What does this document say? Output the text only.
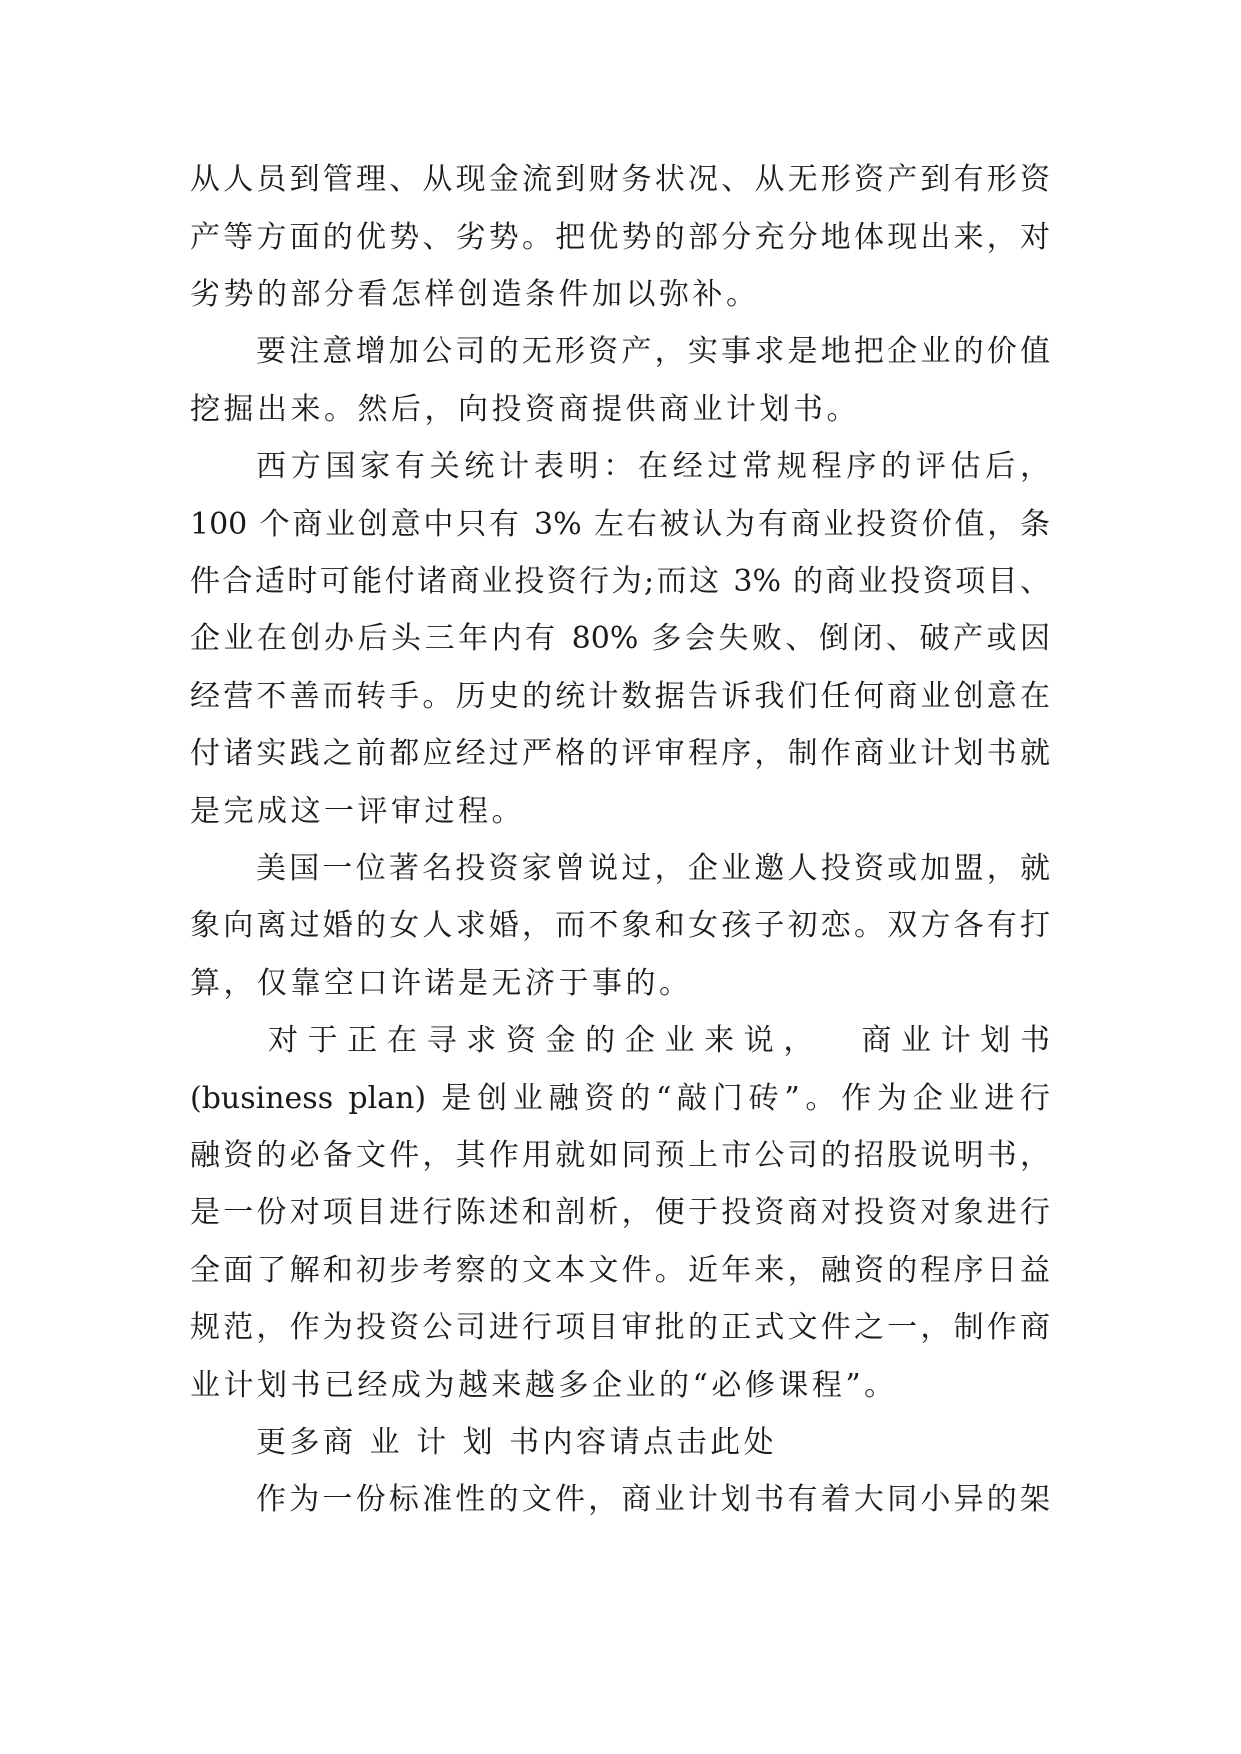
从人员到管理、从现金流到财务状况、从无形资产到有形资
产等方面的优势、劣势。把优势的部分充分地体现出来，对
劣势的部分看怎样创造条件加以弥补。
要注意增加公司的无形资产，实事求是地把企业的价值
挖掘出来。然后，向投资商提供商业计划书。
西方国家有关统计表明：在经过常规程序的评估后，
100 个商业创意中只有 3% 左右被认为有商业投资价值，条
件合适时可能付诸商业投资行为;而这 3% 的商业投资项目、
企业在创办后头三年内有 80% 多会失败、倒闭、破产或因
经营不善而转手。历史的统计数据告诉我们任何商业创意在
付诸实践之前都应经过严格的评审程序，制作商业计划书就
是完成这一评审过程。
美国一位著名投资家曾说过，企业邀人投资或加盟，就
象向离过婚的女人求婚，而不象和女孩子初恋。双方各有打
算，仅靠空口许诺是无济于事的。
对于正在寻求资金的企业来说，  商业计划书
(business plan) 是创业融资的“敲门砖”。作为企业进行
融资的必备文件，其作用就如同预上市公司的招股说明书，
是一份对项目进行陈述和剖析，便于投资商对投资对象进行
全面了解和初步考察的文本文件。近年来，融资的程序日益
规范，作为投资公司进行项目审批的正式文件之一，制作商
业计划书已经成为越来越多企业的“必修课程”。
更多商 业 计 划 书内容请点击此处
作为一份标准性的文件，商业计划书有着大同小异的架
